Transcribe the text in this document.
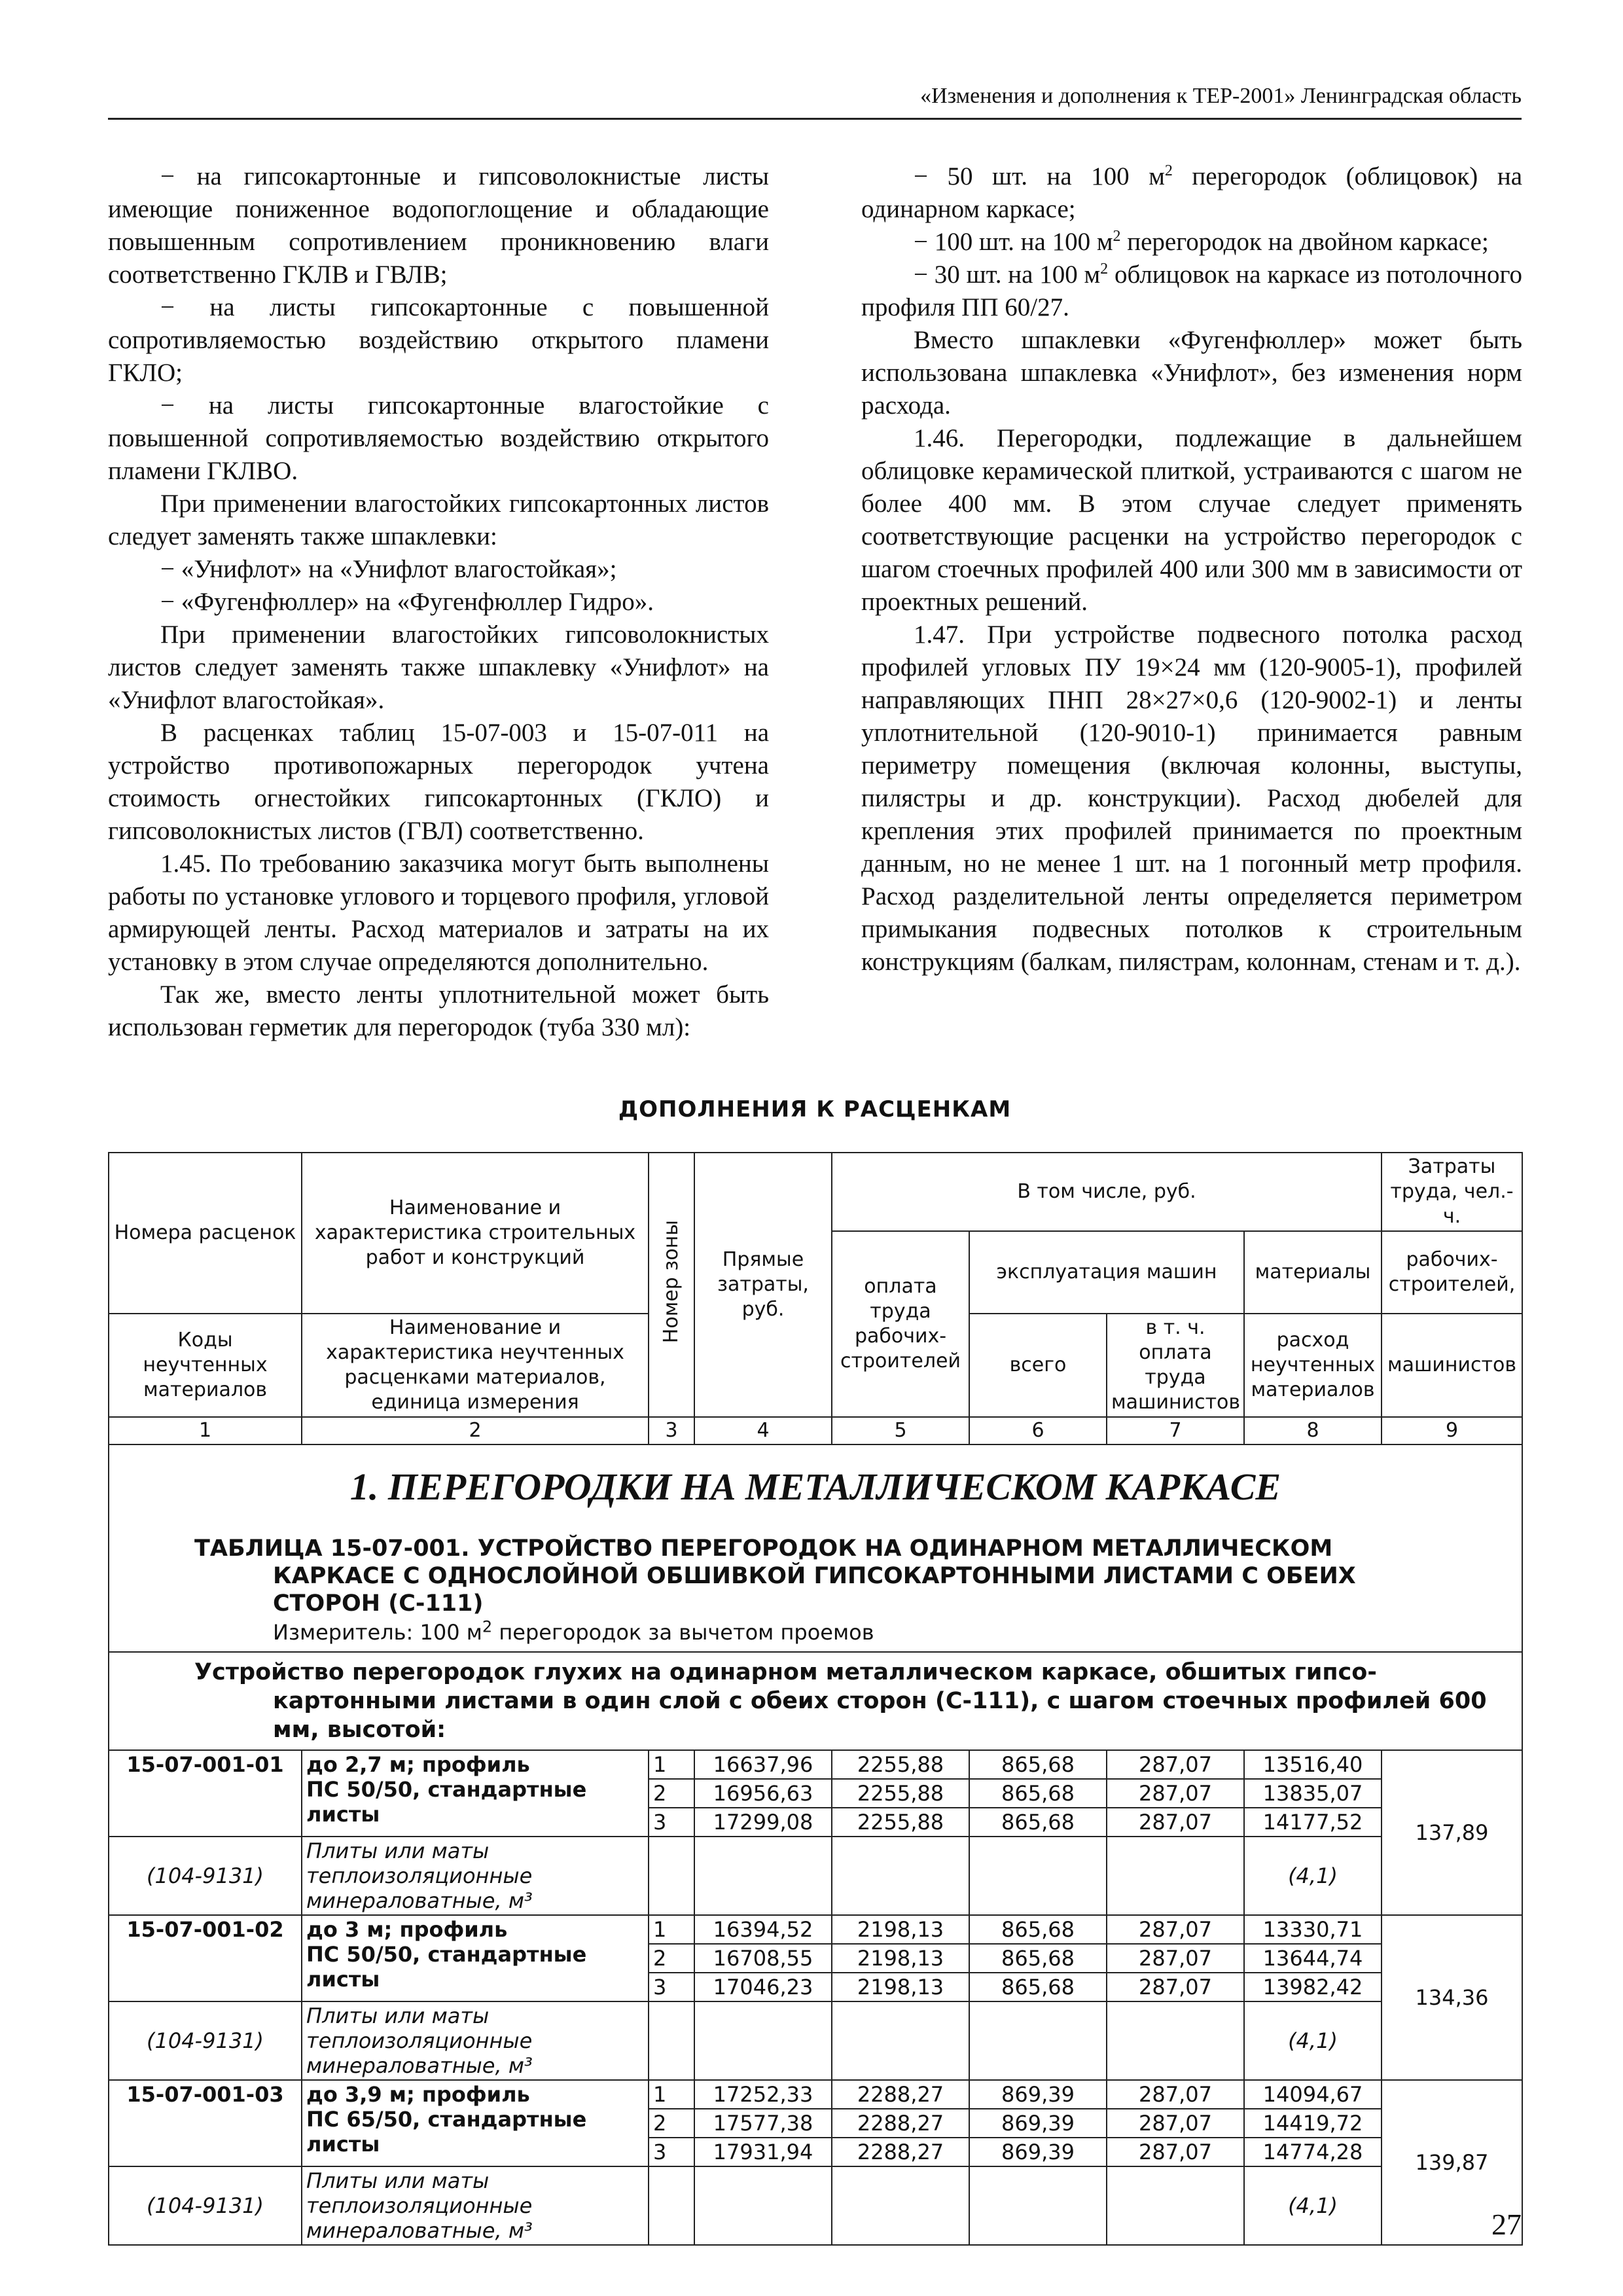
«Изменения и дополнения к ТЕР-2001» Ленинградская область

− на гипсокартонные и гипсоволокнистые листы имеющие пониженное водопоглощение и обладающие повышенным сопротивлением проникновению влаги соответственно ГКЛВ и ГВЛВ;

− на листы гипсокартонные с повышенной сопротивляемостью воздействию открытого пламени ГКЛО;

− на листы гипсокартонные влагостойкие с повышенной сопротивляемостью воздействию открытого пламени ГКЛВО.

При применении влагостойких гипсокартонных листов следует заменять также шпаклевки:

− «Унифлот» на «Унифлот влагостойкая»;

− «Фугенфюллер» на «Фугенфюллер Гидро».

При применении влагостойких гипсоволокнистых листов следует заменять также шпаклевку «Унифлот» на «Унифлот влагостойкая».

В расценках таблиц 15-07-003 и 15-07-011 на устройство противопожарных перегородок учтена стоимость огнестойких гипсокартонных (ГКЛО) и гипсоволокнистых листов (ГВЛ) соответственно.

1.45. По требованию заказчика могут быть выполнены работы по установке углового и торцевого профиля, угловой армирующей ленты. Расход материалов и затраты на их установку в этом случае определяются дополнительно.

Так же, вместо ленты уплотнительной может быть использован герметик для перегородок (туба 330 мл):

− 50 шт. на 100 $м^2$ перегородок (облицовок) на одинарном каркасе;

− 100 шт. на 100 $м^2$ перегородок на двойном каркасе;

− 30 шт. на 100 $м^2$ облицовок на каркасе из потолочного профиля ПП 60/27.

Вместо шпаклевки «Фугенфюллер» может быть использована шпаклевка «Унифлот», без изменения норм расхода.

1.46. Перегородки, подлежащие в дальнейшем облицовке керамической плиткой, устраиваются с шагом не более 400 мм. В этом случае следует применять соответствующие расценки на устройство перегородок с шагом стоечных профилей 400 или 300 мм в зависимости от проектных решений.

1.47. При устройстве подвесного потолка расход профилей угловых ПУ 19×24 мм (120-9005-1), профилей направляющих ПНП 28×27×0,6 (120-9002-1) и ленты уплотнительной (120-9010-1) принимается равным периметру помещения (включая колонны, выступы, пилястры и др. конструкции). Расход дюбелей для крепления этих профилей принимается по проектным данным, но не менее 1 шт. на 1 погонный метр профиля. Расход разделительной ленты определяется периметром примыкания подвесных потолков к строительным конструкциям (балкам, пилястрам, колоннам, стенам и т. д.).

ДОПОЛНЕНИЯ К РАСЦЕНКАМ
Номера расценок	Наименование и характеристика строительных работ и конструкций	Номер зоны	Прямые затраты, руб.	В том числе, руб.				Затраты труда, чел.-ч.
				оплата труда рабочих-строителей	эксплуатация машин		материалы	рабочих-строителей,
Коды неучтенных материалов	Наименование и характеристика неучтенных расценками материалов, единица измерения				всего	в т. ч. оплата труда машинистов	расход неучтенных материалов	машинистов
1	2	3	4	5	6	7	8	9

1. ПЕРЕГОРОДКИ НА МЕТАЛЛИЧЕСКОМ КАРКАСЕ
ТАБЛИЦА 15-07-001. УСТРОЙСТВО ПЕРЕГОРОДОК НА ОДИНАРНОМ МЕТАЛЛИЧЕСКОМ
КАРКАСЕ С ОДНОСЛОЙНОЙ ОБШИВКОЙ ГИПСОКАРТОННЫМИ ЛИСТАМИ С ОБЕИХ СТОРОН (С-111)
Измеритель: 100 $м^2$ перегородок за вычетом проемов								

Устройство перегородок глухих на одинарном металлическом каркасе, обшитых гипсо-
картонными листами в один слой с обеих сторон (С-111), с шагом стоечных профилей 600 мм, высотой:								

15-07-001-01	до 2,7 м; профиль
ПС 50/50, стандартные листы	1	16637,96	2255,88	865,68	287,07	13516,40	137,89
		2	16956,63	2255,88	865,68	287,07	13835,07	
		3	17299,08	2255,88	865,68	287,07	14177,52	
(104-9131)	Плиты или маты теплоизоляционные минераловатные, м³						(4,1)	
15-07-001-02	до 3 м; профиль
ПС 50/50, стандартные листы	1	16394,52	2198,13	865,68	287,07	13330,71	134,36
		2	16708,55	2198,13	865,68	287,07	13644,74	
		3	17046,23	2198,13	865,68	287,07	13982,42	
(104-9131)	Плиты или маты теплоизоляционные минераловатные, м³						(4,1)	
15-07-001-03	до 3,9 м; профиль
ПС 65/50, стандартные листы	1	17252,33	2288,27	869,39	287,07	14094,67	139,87
		2	17577,38	2288,27	869,39	287,07	14419,72	
		3	17931,94	2288,27	869,39	287,07	14774,28	
(104-9131)	Плиты или маты теплоизоляционные минераловатные, м³						(4,1)	
27
